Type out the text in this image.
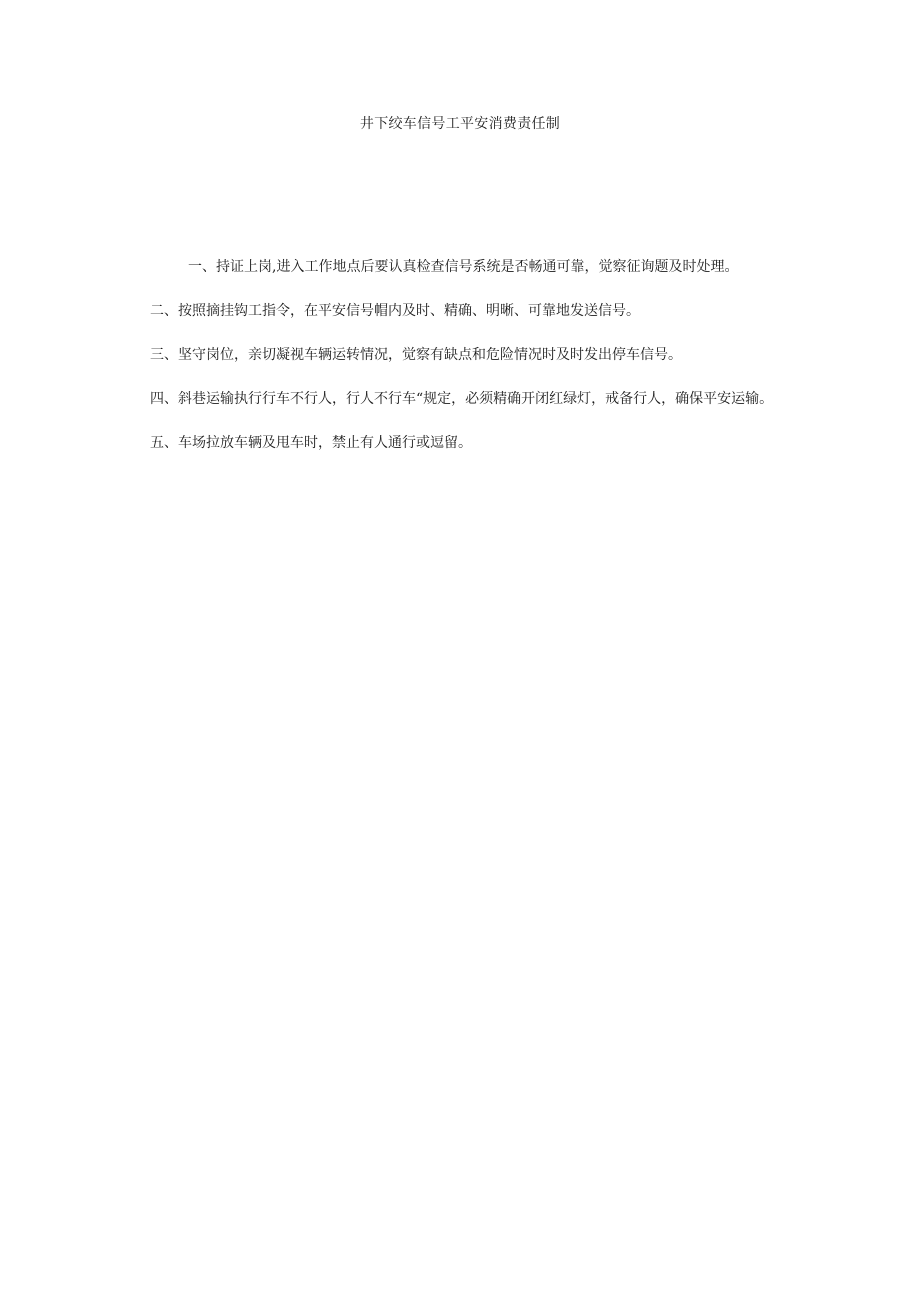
井下绞车信号工平安消费责任制

一、持证上岗,进入工作地点后要认真检查信号系统是否畅通可靠，觉察征询题及时处理。

二、按照摘挂钩工指令，在平安信号帽内及时、精确、明晰、可靠地发送信号。

三、坚守岗位，亲切凝视车辆运转情况，觉察有缺点和危险情况时及时发出停车信号。

四、斜巷运输执行行车不行人，行人不行车“规定，必须精确开闭红绿灯，戒备行人，确保平安运输。

五、车场拉放车辆及甩车时，禁止有人通行或逗留。
